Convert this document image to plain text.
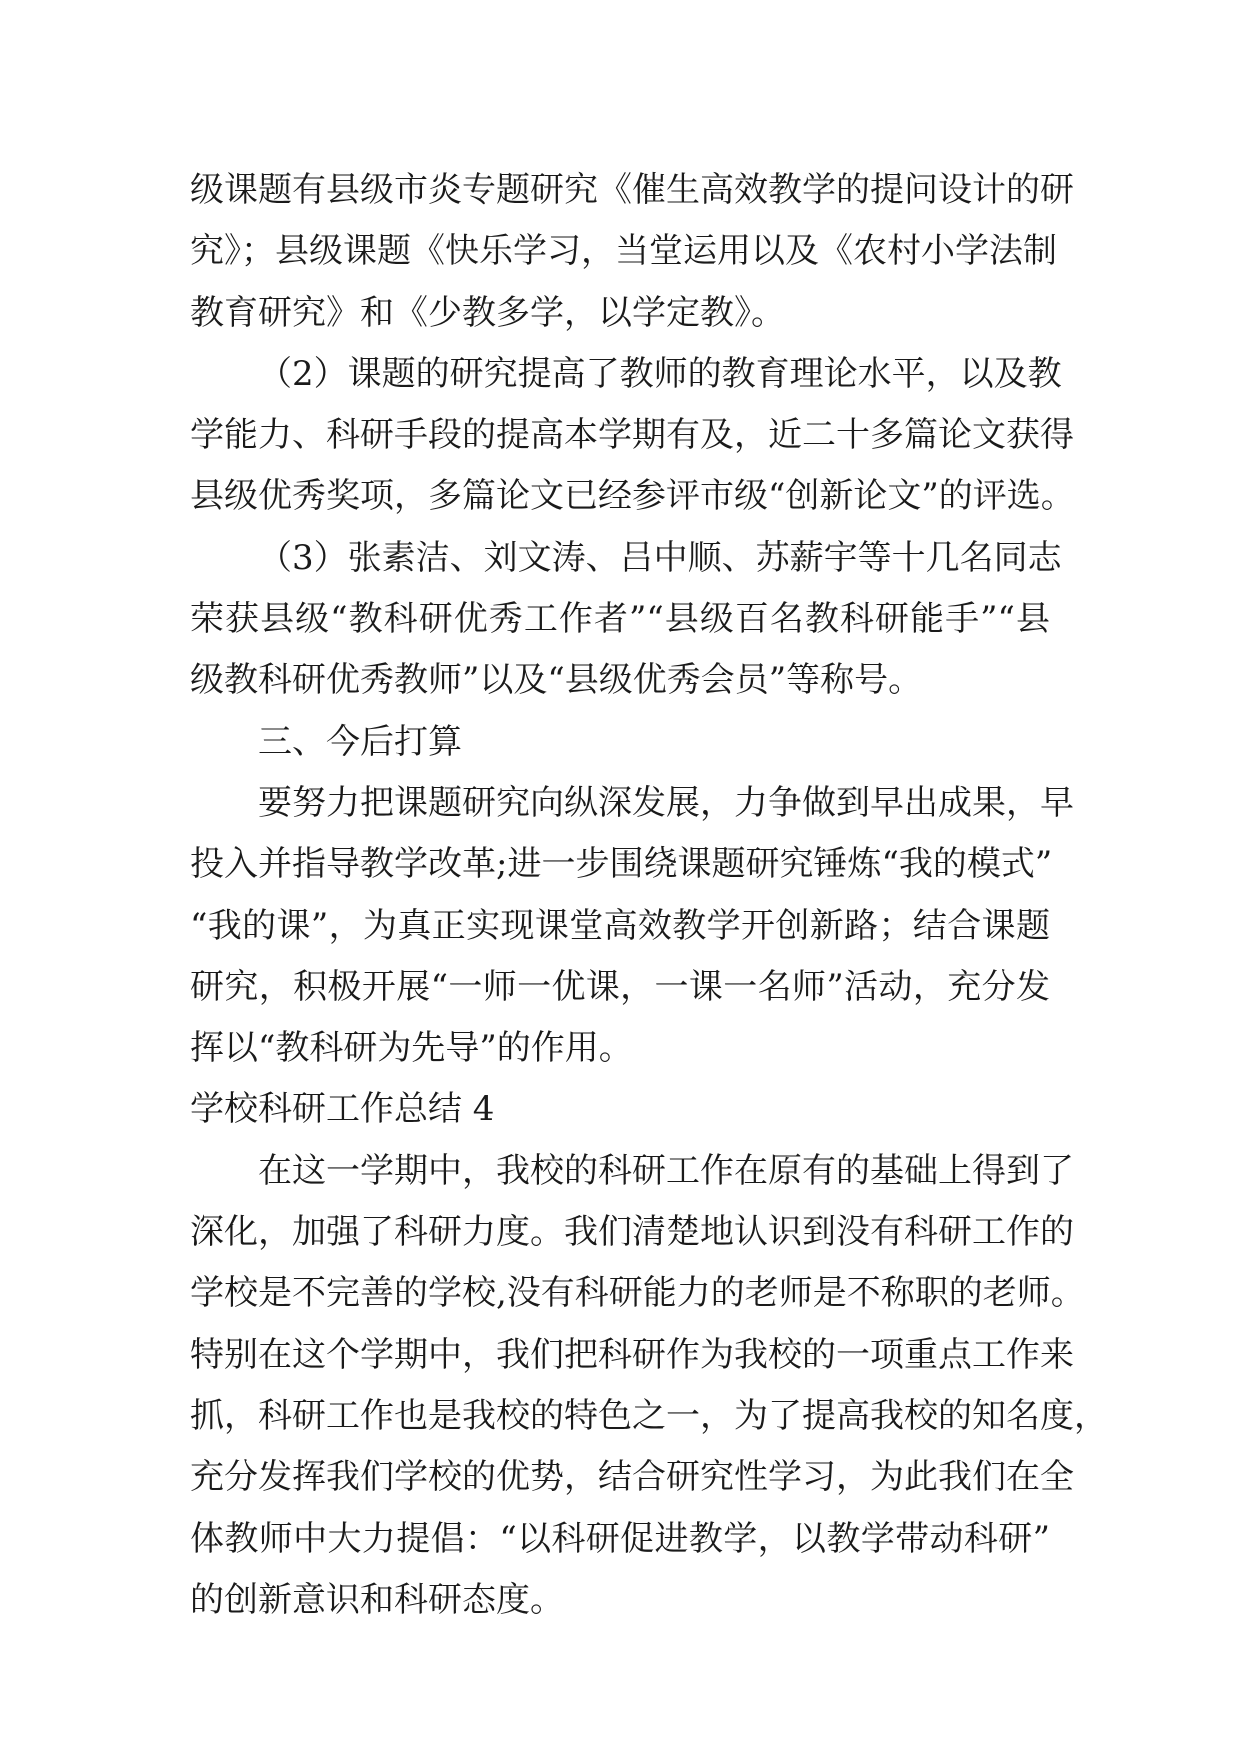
级课题有县级市炎专题研究《催生高效教学的提问设计的研
究》；县级课题《快乐学习，当堂运用以及《农村小学法制
教育研究》和《少教多学，以学定教》。
（2）课题的研究提高了教师的教育理论水平，以及教
学能力、科研手段的提高本学期有及，近二十多篇论文获得
县级优秀奖项，多篇论文已经参评市级“创新论文”的评选。
（3）张素洁、刘文涛、吕中顺、苏薪宇等十几名同志
荣获县级“教科研优秀工作者”“县级百名教科研能手”“县
级教科研优秀教师”以及“县级优秀会员”等称号。
三、今后打算
要努力把课题研究向纵深发展，力争做到早出成果，早
投入并指导教学改革;进一步围绕课题研究锤炼“我的模式”
“我的课”，为真正实现课堂高效教学开创新路；结合课题
研究，积极开展“一师一优课，一课一名师”活动，充分发
挥以“教科研为先导”的作用。
学校科研工作总结 4
在这一学期中，我校的科研工作在原有的基础上得到了
深化，加强了科研力度。我们清楚地认识到没有科研工作的
学校是不完善的学校,没有科研能力的老师是不称职的老师。
特别在这个学期中，我们把科研作为我校的一项重点工作来
抓，科研工作也是我校的特色之一，为了提高我校的知名度，
充分发挥我们学校的优势，结合研究性学习，为此我们在全
体教师中大力提倡：“以科研促进教学，以教学带动科研”
的创新意识和科研态度。
